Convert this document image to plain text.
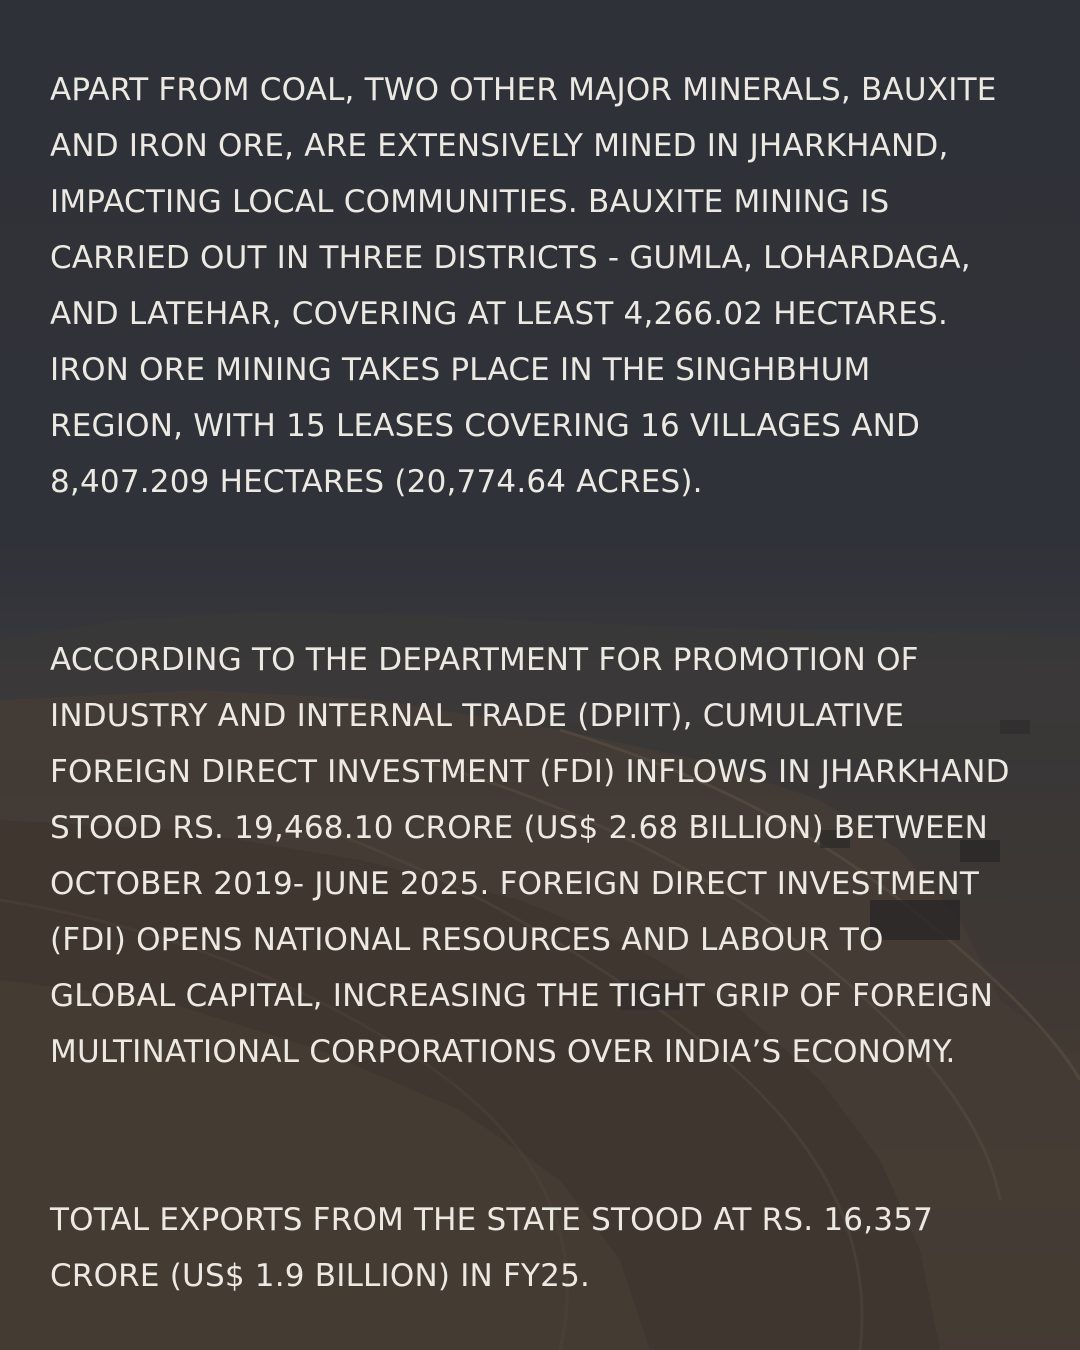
APART FROM COAL, TWO OTHER MAJOR MINERALS, BAUXITE AND IRON ORE, ARE EXTENSIVELY MINED IN JHARKHAND, IMPACTING LOCAL COMMUNITIES. BAUXITE MINING IS CARRIED OUT IN THREE DISTRICTS - GUMLA, LOHARDAGA, AND LATEHAR, COVERING AT LEAST 4,266.02 HECTARES. IRON ORE MINING TAKES PLACE IN THE SINGHBHUM REGION, WITH 15 LEASES COVERING 16 VILLAGES AND 8,407.209 HECTARES (20,774.64 ACRES).

ACCORDING TO THE DEPARTMENT FOR PROMOTION OF INDUSTRY AND INTERNAL TRADE (DPIIT), CUMULATIVE FOREIGN DIRECT INVESTMENT (FDI) INFLOWS IN JHARKHAND STOOD RS. 19,468.10 CRORE (US$ 2.68 BILLION) BETWEEN OCTOBER 2019- JUNE 2025. FOREIGN DIRECT INVESTMENT (FDI) OPENS NATIONAL RESOURCES AND LABOUR TO GLOBAL CAPITAL, INCREASING THE TIGHT GRIP OF FOREIGN MULTINATIONAL CORPORATIONS OVER INDIA’S ECONOMY.

TOTAL EXPORTS FROM THE STATE STOOD AT RS. 16,357 CRORE (US$ 1.9 BILLION) IN FY25.
